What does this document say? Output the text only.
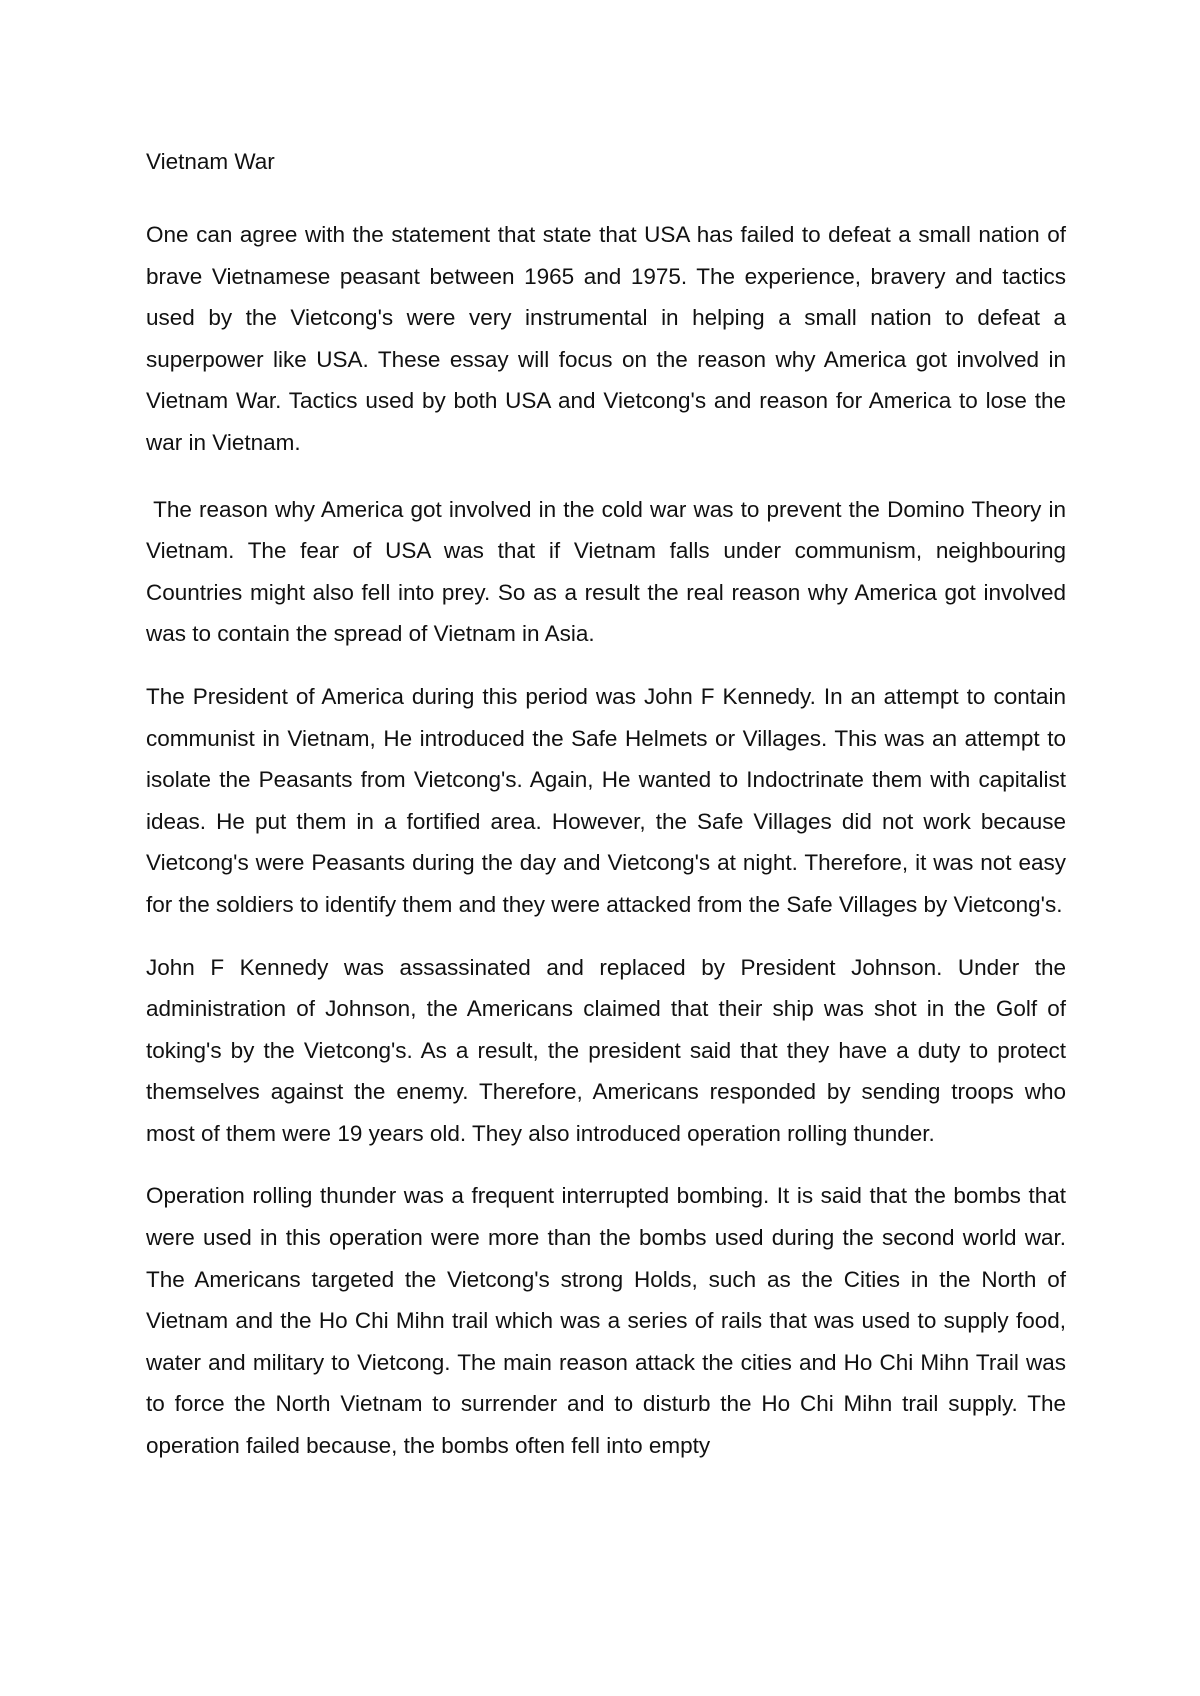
Vietnam War

One can agree with the statement that state that USA has failed to defeat a small nation of brave Vietnamese peasant between 1965 and 1975. The experience, bravery and tactics used by the Vietcong's were very instrumental in helping a small nation to defeat a superpower like USA. These essay will focus on the reason why America got involved in Vietnam War. Tactics used by both USA and Vietcong's and reason for America to lose the war in Vietnam.

The reason why America got involved in the cold war was to prevent the Domino Theory in Vietnam. The fear of USA was that if Vietnam falls under communism, neighbouring Countries might also fell into prey. So as a result the real reason why America got involved was to contain the spread of Vietnam in Asia.

The President of America during this period was John F Kennedy. In an attempt to contain communist in Vietnam, He introduced the Safe Helmets or Villages. This was an attempt to isolate the Peasants from Vietcong's. Again, He wanted to Indoctrinate them with capitalist ideas. He put them in a fortified area. However, the Safe Villages did not work because Vietcong's were Peasants during the day and Vietcong's at night. Therefore, it was not easy for the soldiers to identify them and they were attacked from the Safe Villages by Vietcong's.

John F Kennedy was assassinated and replaced by President Johnson. Under the administration of Johnson, the Americans claimed that their ship was shot in the Golf of toking's by the Vietcong's. As a result, the president said that they have a duty to protect themselves against the enemy. Therefore, Americans responded by sending troops who most of them were 19 years old. They also introduced operation rolling thunder.

Operation rolling thunder was a frequent interrupted bombing. It is said that the bombs that were used in this operation were more than the bombs used during the second world war. The Americans targeted the Vietcong's strong Holds, such as the Cities in the North of Vietnam and the Ho Chi Mihn trail which was a series of rails that was used to supply food, water and military to Vietcong. The main reason attack the cities and Ho Chi Mihn Trail was to force the North Vietnam to surrender and to disturb the Ho Chi Mihn trail supply. The operation failed because, the bombs often fell into empty
